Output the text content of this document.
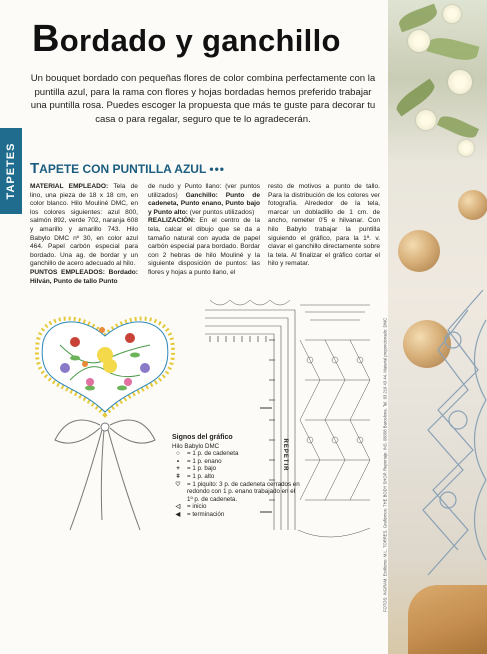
TAPETES
Bordado y ganchillo

Un bouquet bordado con pequeñas flores de color combina perfectamente con la puntilla azul, para la rama con flores y hojas bordadas hemos preferido trabajar una puntilla rosa. Puedes escoger la propuesta que más te guste para decorar tu casa o para regalar, seguro que te lo agradecerán.

TAPETE CON PUNTILLA AZUL •••
MATERIAL EMPLEADO: Tela de lino, una pieza de 18 x 18 cm, en color blanco. Hilo Mouliné DMC, en los colores siguientes: azul 800, salmón 892, verde 702, naranja 608 y amarillo y amarillo 743. Hilo Babylo DMC nº 30, en color azul 464. Papel carbón especial para bordado. Una ag. de bordar y un ganchillo de acero adecuado al hilo.
PUNTOS EMPLEADOS: Bordado: Hilván, Punto de tallo Punto
de nudo y Punto llano: (ver puntos utilizados) Ganchillo: Punto de cadeneta, Punto enano, Punto bajo y Punto alto: (ver puntos utilizados)
REALIZACIÓN: En el centro de la tela, calcar el dibujo que se da a tamaño natural con ayuda de papel carbón especial para bordado. Bordar con 2 hebras de hilo Mouliné y la siguiente disposición de puntos: las flores y hojas a punto llano, el
resto de motivos a punto de tallo. Para la distribución de los colores ver fotografía. Alrededor de la tela, marcar un dobladillo de 1 cm. de ancho, remeter 0'5 e hilvanar. Con hilo Babylo trabajar la puntilla siguiendo el gráfico, para la 1ª. v. clavar el ganchillo directamente sobre la tela. Al finalizar el gráfico cortar el hilo y rematar.
REPETIR
Signos del gráfico
Hilo Babylo DMC
○	= 1 p. de cadeneta
•	= 1 p. enano
+	= 1 p. bajo
ǂ	= 1 p. alto
♡	= 1 piquito: 3 p. de cadeneta cerrados en redondo con 1 p. enano trabajado en el 1º p. de cadeneta.
◁	= inicio
◀	= terminación	FOTOS: INGRAM. Estilismo: M.L. TORRES. Grafismos: THE BODY SHOP. Reportaje: INS. 08008 Barcelona. Tel. 93 219 43 44. Material proporcionado: DMC
